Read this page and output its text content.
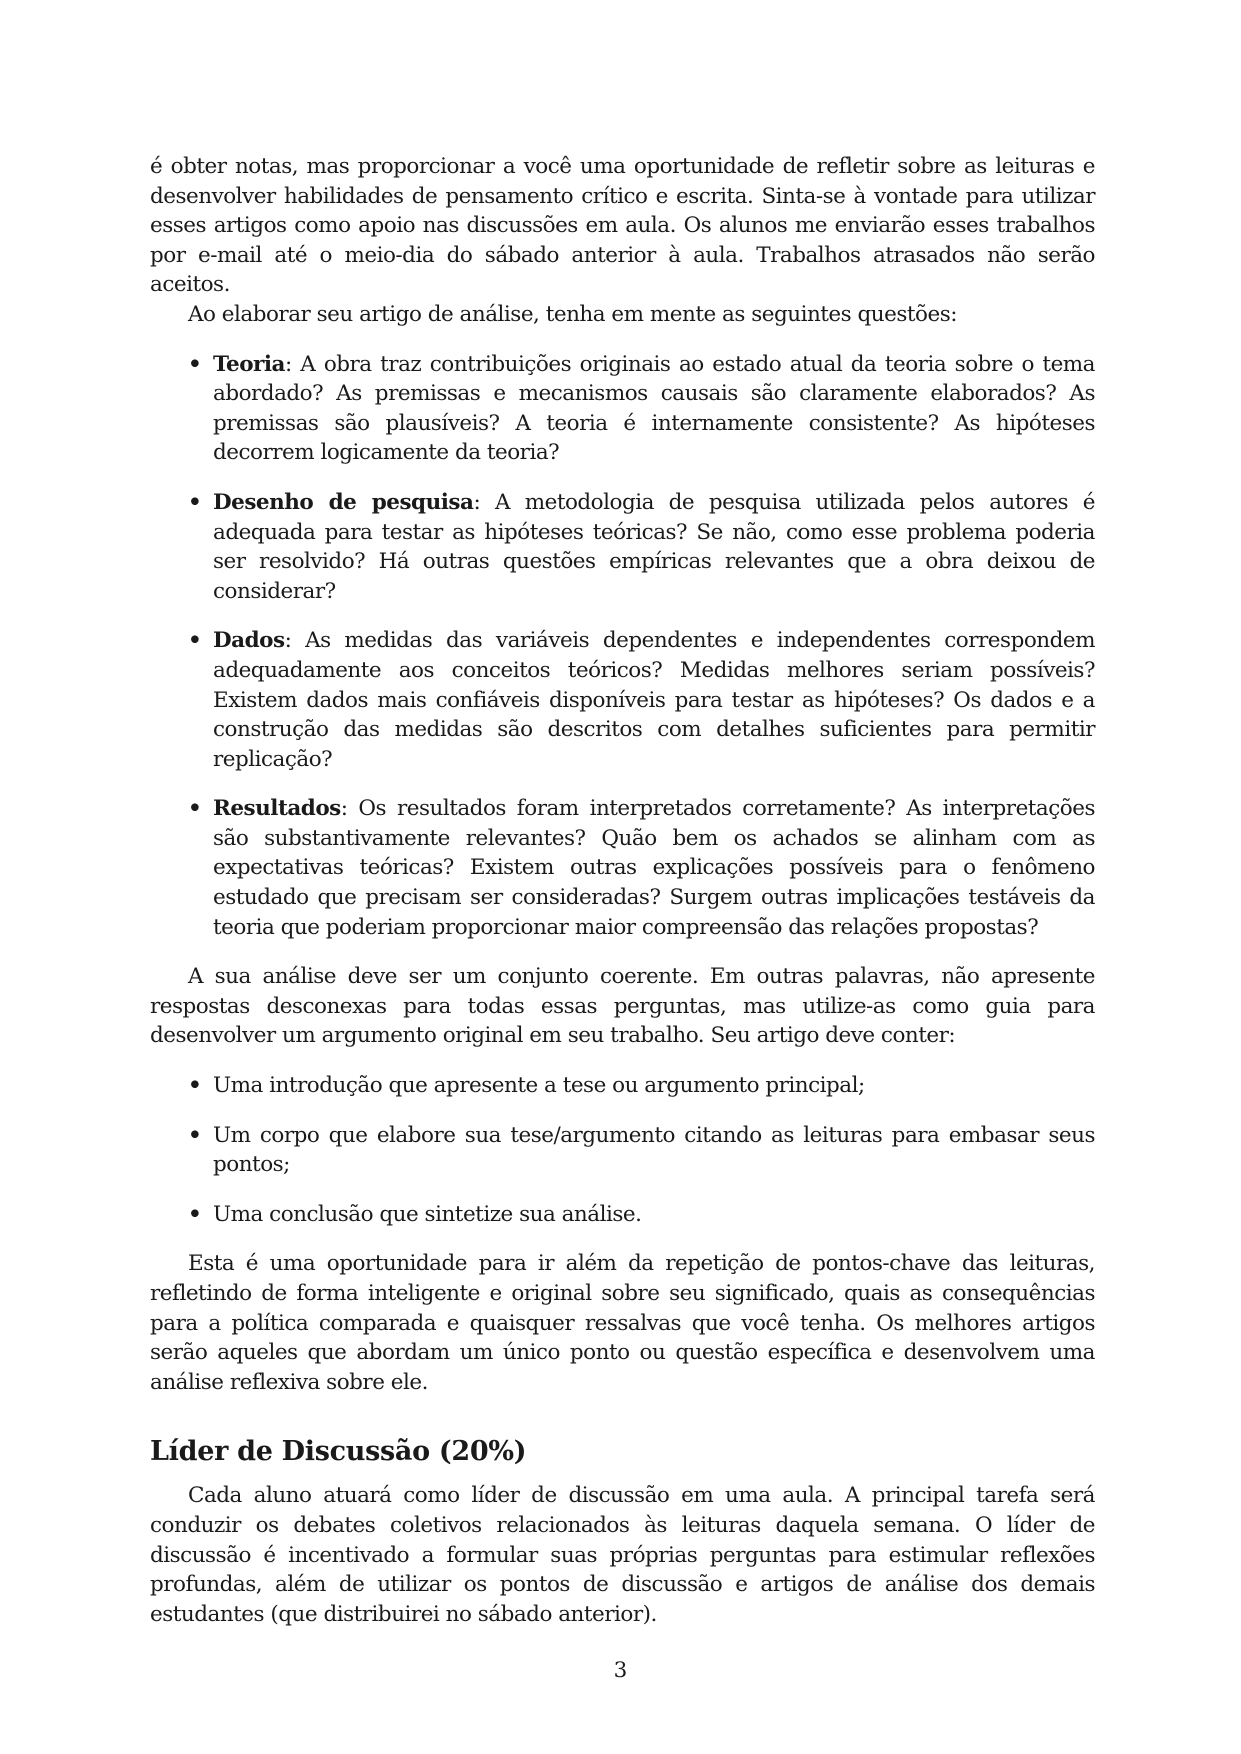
é obter notas, mas proporcionar a você uma oportunidade de refletir sobre as leituras e desenvolver habilidades de pensamento crítico e escrita. Sinta-se à vontade para utilizar esses artigos como apoio nas discussões em aula. Os alunos me enviarão esses trabalhos por e-mail até o meio-dia do sábado anterior à aula. Trabalhos atrasados não serão aceitos.

Ao elaborar seu artigo de análise, tenha em mente as seguintes questões:

• Teoria: A obra traz contribuições originais ao estado atual da teoria sobre o tema abordado? As premissas e mecanismos causais são claramente elaborados? As premissas são plausíveis? A teoria é internamente consistente? As hipóteses decorrem logicamente da teoria?
• Desenho de pesquisa: A metodologia de pesquisa utilizada pelos autores é adequada para testar as hipóteses teóricas? Se não, como esse problema poderia ser resolvido? Há outras questões empíricas relevantes que a obra deixou de considerar?
• Dados: As medidas das variáveis dependentes e independentes correspondem adequadamente aos conceitos teóricos? Medidas melhores seriam possíveis? Existem dados mais confiáveis disponíveis para testar as hipóteses? Os dados e a construção das medidas são descritos com detalhes suficientes para permitir replicação?
• Resultados: Os resultados foram interpretados corretamente? As interpretações são substantivamente relevantes? Quão bem os achados se alinham com as expectativas teóricas? Existem outras explicações possíveis para o fenômeno estudado que precisam ser consideradas? Surgem outras implicações testáveis da teoria que poderiam proporcionar maior compreensão das relações propostas?

A sua análise deve ser um conjunto coerente. Em outras palavras, não apresente respostas desconexas para todas essas perguntas, mas utilize-as como guia para desenvolver um argumento original em seu trabalho. Seu artigo deve conter:

• Uma introdução que apresente a tese ou argumento principal;
• Um corpo que elabore sua tese/argumento citando as leituras para embasar seus pontos;
• Uma conclusão que sintetize sua análise.

Esta é uma oportunidade para ir além da repetição de pontos-chave das leituras, refletindo de forma inteligente e original sobre seu significado, quais as consequências para a política comparada e quaisquer ressalvas que você tenha. Os melhores artigos serão aqueles que abordam um único ponto ou questão específica e desenvolvem uma análise reflexiva sobre ele.

Líder de Discussão (20%)

Cada aluno atuará como líder de discussão em uma aula. A principal tarefa será conduzir os debates coletivos relacionados às leituras daquela semana. O líder de discussão é incentivado a formular suas próprias perguntas para estimular reflexões profundas, além de utilizar os pontos de discussão e artigos de análise dos demais estudantes (que distribuirei no sábado anterior).

3
